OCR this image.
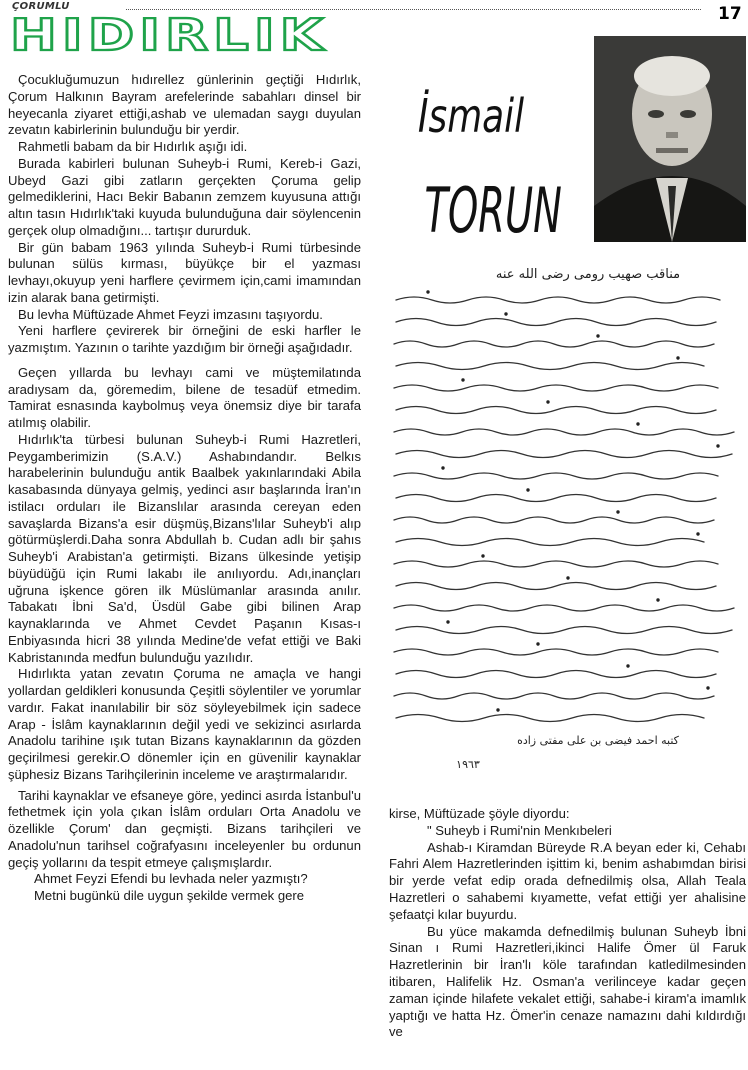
ÇORUMLU	17
HIDIRLIK
İsmail
TORUN

Çocukluğumuzun hıdırellez günlerinin geçtiği Hıdırlık, Çorum Halkının Bayram arefelerinde sabahları dinsel bir heyecanla ziyaret ettiği,ashab ve ulemadan saygı duyulan zevatın kabirlerinin bulunduğu bir yerdir.

Rahmetli babam da bir Hıdırlık aşığı idi.

Burada kabirleri bulunan Suheyb-i Rumi, Kereb-i Gazi, Ubeyd Gazi gibi zatların gerçekten Çoruma gelip gelmediklerini, Hacı Bekir Babanın zemzem kuyusuna attığı altın tasın Hıdırlık'taki kuyuda bulunduğuna dair söylencenin gerçek olup olmadığını... tartışır dururduk.

Bir gün babam 1963 yılında Suheyb-i Rumi türbesinde bulunan sülüs kırması, büyükçe bir el yazması levhayı,okuyup yeni harflere çevirmem için,cami imamından izin alarak bana getirmişti.

Bu levha Müftüzade Ahmet Feyzi imzasını taşıyordu.

Yeni harflere çevirerek bir örneğini de eski harfler le yazmıştım. Yazının o tarihte yazdığım bir örneği aşağıdadır.

Geçen yıllarda bu levhayı cami ve müştemilatında aradıysam da, göremedim, bilene de tesadüf etmedim. Tamirat esnasında kaybolmuş veya önemsiz diye bir tarafa atılmış olabilir.

Hıdırlık'ta türbesi bulunan Suheyb-i Rumi Hazretleri, Peygamberimizin (S.A.V.) Ashabındandır. Belkıs harabelerinin bulunduğu antik Baalbek yakınlarındaki Abila kasabasında dünyaya gelmiş, yedinci asır başlarında İran'ın istilacı orduları ile Bizanslılar arasında cereyan eden savaşlarda Bizans'a esir düşmüş,Bizans'lılar Suheyb'i alıp götürmüşlerdi.Daha sonra Abdullah b. Cudan adlı bir şahıs Suheyb'i Arabistan'a getirmişti. Bizans ülkesinde yetişip büyüdüğü için Rumi lakabı ile anılıyordu. Adı,inançları uğruna işkence gören ilk Müslümanlar arasında anılır. Tabakatı İbni Sa'd, Üsdül Gabe gibi bilinen Arap kaynaklarında ve Ahmet Cevdet Paşanın Kısas-ı Enbiyasında hicri 38 yılında Medine'de vefat ettiği ve Baki Kabristanında medfun bulunduğu yazılıdır.

Hıdırlıkta yatan zevatın Çoruma ne amaçla ve hangi yollardan geldikleri konusunda Çeşitli söylentiler ve yorumlar vardır. Fakat inanılabilir bir söz söyleyebilmek için sadece Arap - İslâm kaynaklarının değil yedi ve sekizinci asırlarda Anadolu tarihine ışık tutan Bizans kaynaklarının da gözden geçirilmesi gerekir.O dönemler için en güvenilir kaynaklar şüphesiz Bizans Tarihçilerinin inceleme ve araştırmalarıdır.

Tarihi kaynaklar ve efsaneye göre, yedinci asırda İstanbul'u fethetmek için yola çıkan İslâm orduları Orta Anadolu ve özellikle Çorum' dan geçmişti. Bizans tarihçileri ve Anadolu'nun tarihsel coğrafyasını inceleyenler bu ordunun geçiş yollarını da tespit etmeye çalışmışlardır.

Ahmet Feyzi Efendi bu levhada neler yazmıştı?

Metni bugünkü dile uygun şekilde vermek gere

مناقب صهيب رومی رضی الله عنه
کتبه احمد فیضی بن علی مفتی زاده
١٩٦٣

kirse, Müftüzade şöyle diyordu:

" Suheyb i Rumi'nin Menkıbeleri

Ashab-ı Kiramdan Büreyde R.A beyan eder ki, Cehabı Fahri Alem Hazretlerinden işittim ki, benim ashabımdan birisi bir yerde vefat edip orada defnedilmiş olsa, Allah Teala Hazretleri o sahabemi kıyamette, vefat ettiği yer ahalisine şefaatçi kılar buyurdu.

Bu yüce makamda defnedilmiş bulunan Suheyb İbni Sinan ı Rumi Hazretleri,ikinci Halife Ömer ül Faruk Hazretlerinin bir İran'lı köle tarafından katledilmesinden itibaren, Halifelik Hz. Osman'a verilinceye kadar geçen zaman içinde hilafete vekalet ettiği, sahabe-i kiram'a imamlık yaptığı ve hatta Hz. Ömer'in cenaze namazını dahi kıldırdığı ve
